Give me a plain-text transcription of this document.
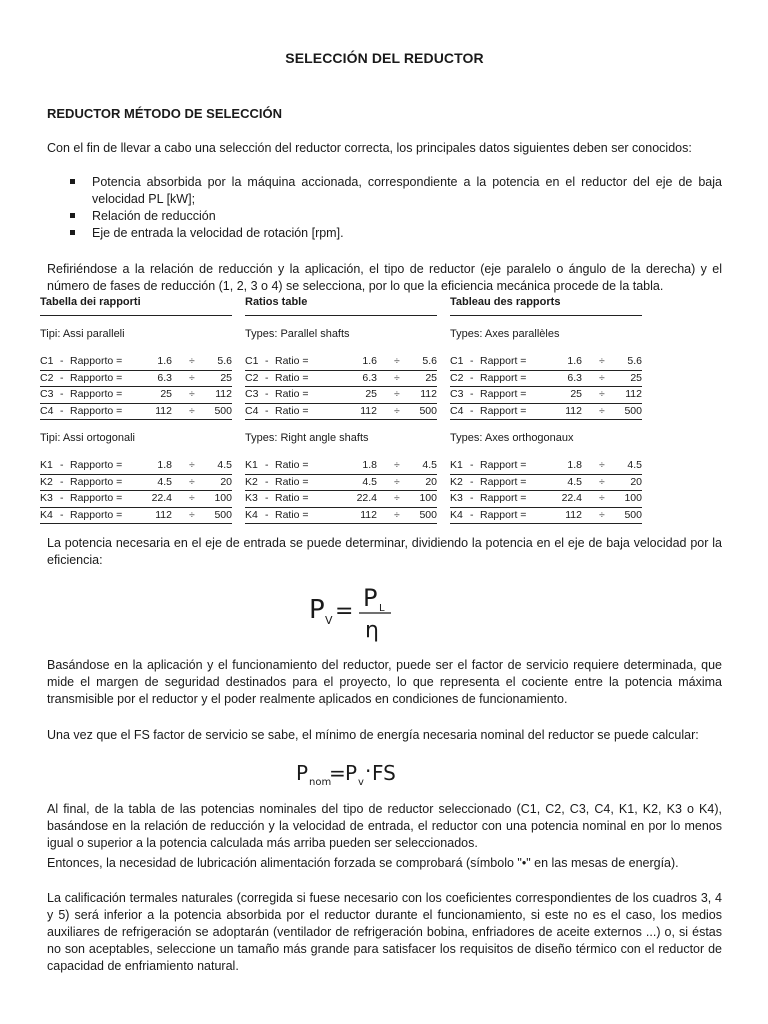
SELECCIÓN DEL REDUCTOR
REDUCTOR MÉTODO DE SELECCIÓN

Con el fin de llevar a cabo una selección del reductor correcta, los principales datos siguientes deben ser conocidos:

Potencia absorbida por la máquina accionada, correspondiente a la potencia en el reductor del eje de baja velocidad PL [kW];
Relación de reducción
Eje de entrada la velocidad de rotación [rpm].

Refiriéndose a la relación de reducción y la aplicación, el tipo de reductor (eje paralelo o ángulo de la derecha) y el número de fases de reducción (1, 2, 3 o 4) se selecciona, por lo que la eficiencia mecánica procede de la tabla.

Tabella dei rapporti
Tipi: Assi paralleli
C1 - Rapporto =	1.6 ÷	5.6
C2 - Rapporto =	6.3 ÷	25
C3 - Rapporto =	25 ÷	112
C4 - Rapporto =	112 ÷	500
Tipi: Assi ortogonali
K1 - Rapporto =	1.8 ÷	4.5
K2 - Rapporto =	4.5 ÷	20
K3 - Rapporto =	22.4 ÷	100
K4 - Rapporto =	112 ÷	500
Ratios table
Types: Parallel shafts
C1 - Ratio =	1.6 ÷	5.6
C2 - Ratio =	6.3 ÷	25
C3 - Ratio =	25 ÷	112
C4 - Ratio =	112 ÷	500
Types: Right angle shafts
K1 - Ratio =	1.8 ÷	4.5
K2 - Ratio =	4.5 ÷	20
K3 - Ratio =	22.4 ÷	100
K4 - Ratio =	112 ÷	500
Tableau des rapports
Types: Axes parallèles
C1 - Rapport =	1.6 ÷	5.6
C2 - Rapport =	6.3 ÷	25
C3 - Rapport =	25 ÷	112
C4 - Rapport =	112 ÷	500
Types: Axes orthogonaux
K1 - Rapport =	1.8 ÷	4.5
K2 - Rapport =	4.5 ÷	20
K3 - Rapport =	22.4 ÷	100
K4 - Rapport =	112 ÷	500

La potencia necesaria en el eje de entrada se puede determinar, dividiendo la potencia en el eje de baja velocidad por la eficiencia:

Basándose en la aplicación y el funcionamiento del reductor, puede ser el factor de servicio requiere determinada, que mide el margen de seguridad destinados para el proyecto, lo que representa el cociente entre la potencia máxima transmisible por el reductor y el poder realmente aplicados en condiciones de funcionamiento.

Una vez que el FS factor de servicio se sabe, el mínimo de energía necesaria nominal del reductor se puede calcular:

Al final, de la tabla de las potencias nominales del tipo de reductor seleccionado (C1, C2, C3, C4, K1, K2, K3 o K4), basándose en la relación de reducción y la velocidad de entrada, el reductor con una potencia nominal en por lo menos igual o superior a la potencia calculada más arriba pueden ser seleccionados.

Entonces, la necesidad de lubricación alimentación forzada se comprobará (símbolo "•" en las mesas de energía).

La calificación termales naturales (corregida si fuese necesario con los coeficientes correspondientes de los cuadros 3, 4 y 5) será inferior a la potencia absorbida por el reductor durante el funcionamiento, si este no es el caso, los medios auxiliares de refrigeración se adoptarán (ventilador de refrigeración bobina, enfriadores de aceite externos ...) o, si éstas no son aceptables, seleccione un tamaño más grande para satisfacer los requisitos de diseño térmico con el reductor de capacidad de enfriamiento natural.

P V = P L
η
P nom
= P v · FS
